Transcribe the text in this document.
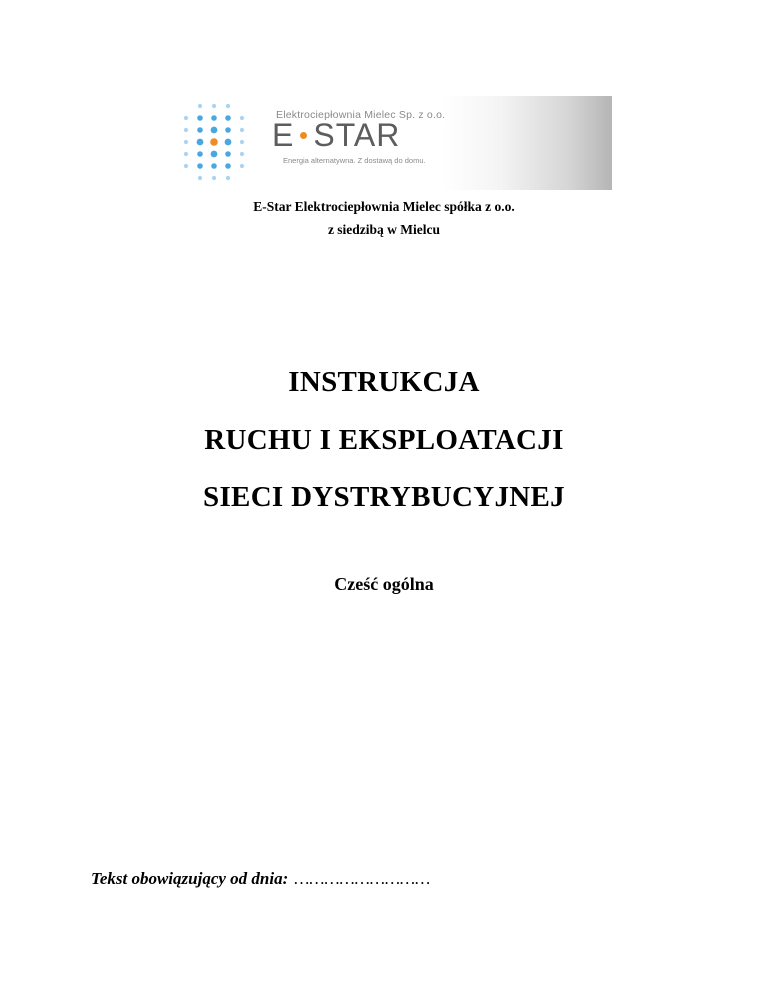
Elektrociepłownia Mielec Sp. z o.o.
E STAR
Energia alternatywna. Z dostawą do domu.
E-Star Elektrociepłownia Mielec spółka z o.o.
z siedzibą w Mielcu
INSTRUKCJA
RUCHU I EKSPLOATACJI
SIECI DYSTRYBUCYJNEJ
Cześć ogólna
Tekst obowiązujący od dnia: ………………………
